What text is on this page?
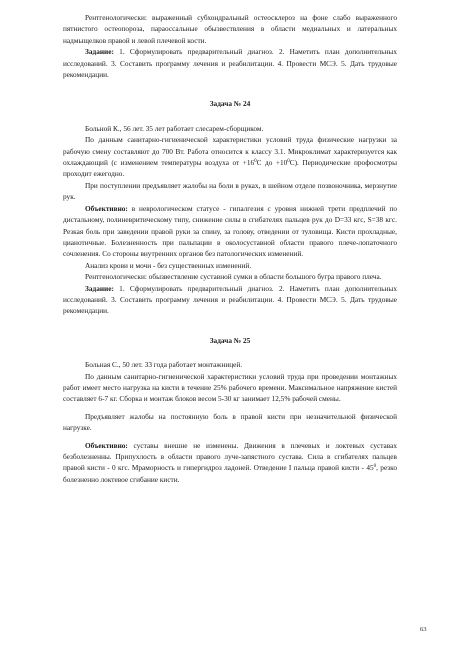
Рентгенологически: выраженный субхондральный остеосклероз на фоне слабо выраженного пятнистого остеопороза, параоссальные обызвествления в области медиальных и латеральных надмыщелков правой и левой плечевой кости.

Задание: 1. Сформулировать предварительный диагноз. 2. Наметить план дополнительных исследований. 3. Составить программу лечения и реабилитации. 4. Провести МСЭ. 5. Дать трудовые рекомендации.

Задача № 24

Больной К., 56 лет. 35 лет работает слесарем-сборщиком.

По данным санитарно-гигиенической характеристики условий труда физические нагрузки за рабочую смену составляют до 700 Вт. Работа относится к классу 3.1. Микроклимат характеризуется как охлаждающий (с изменением температуры воздуха от $+16^0С$ до $+10^0С$). Периодические профосмотры проходит ежегодно.

При поступлении предъявляет жалобы на боли в руках, в шейном отделе позвоночника, мерзнутие рук.

Объективно: в неврологическом статусе - гипалгезия с уровня нижней трети предплечий по дистальному, полиневритическому типу, снижение силы в сгибателях пальцев рук до D=33 кгс, S=38 кгс. Резкая боль при заведении правой руки за спину, за голову, отведении от туловища. Кисти прохладные, цианотичные. Болезненность при пальпации в околосуставной области правого плече-лопаточного сочленения. Со стороны внутренних органов без патологических изменений.

Анализ крови и мочи - без существенных изменений.

Рентгенологически: обызвествление суставной сумки в области большого бугра правого плеча.

Задание: 1. Сформулировать предварительный диагноз. 2. Наметить план дополнительных исследований. 3. Составить программу лечения и реабилитации. 4. Провести МСЭ. 5. Дать трудовые рекомендации.

Задача № 25

Больная С., 50 лет. 33 года работает монтажницей.

По данным санитарно-гигиенической характеристики условий труда при проведении монтажных работ имеет место нагрузка на кисти в течение 25% рабочего времени. Максимальное напряжение кистей составляет 6-7 кг. Сборка и монтаж блоков весом 5-30 кг занимает 12,5% рабочей смены.

Предъявляет жалобы на постоянную боль в правой кисти при незначительной физической нагрузке.

Объективно: суставы внешне не изменены. Движения в плечевых и локтевых суставах безболезненны. Припухлость в области правого луче-запястного сустава. Сила в сгибателях пальцев правой кисти - 0 кгс. Мраморность и гипергидроз ладоней. Отведение I пальца правой кисти - $45^0$, резко болезненно локтевое сгибание кисти.

63
